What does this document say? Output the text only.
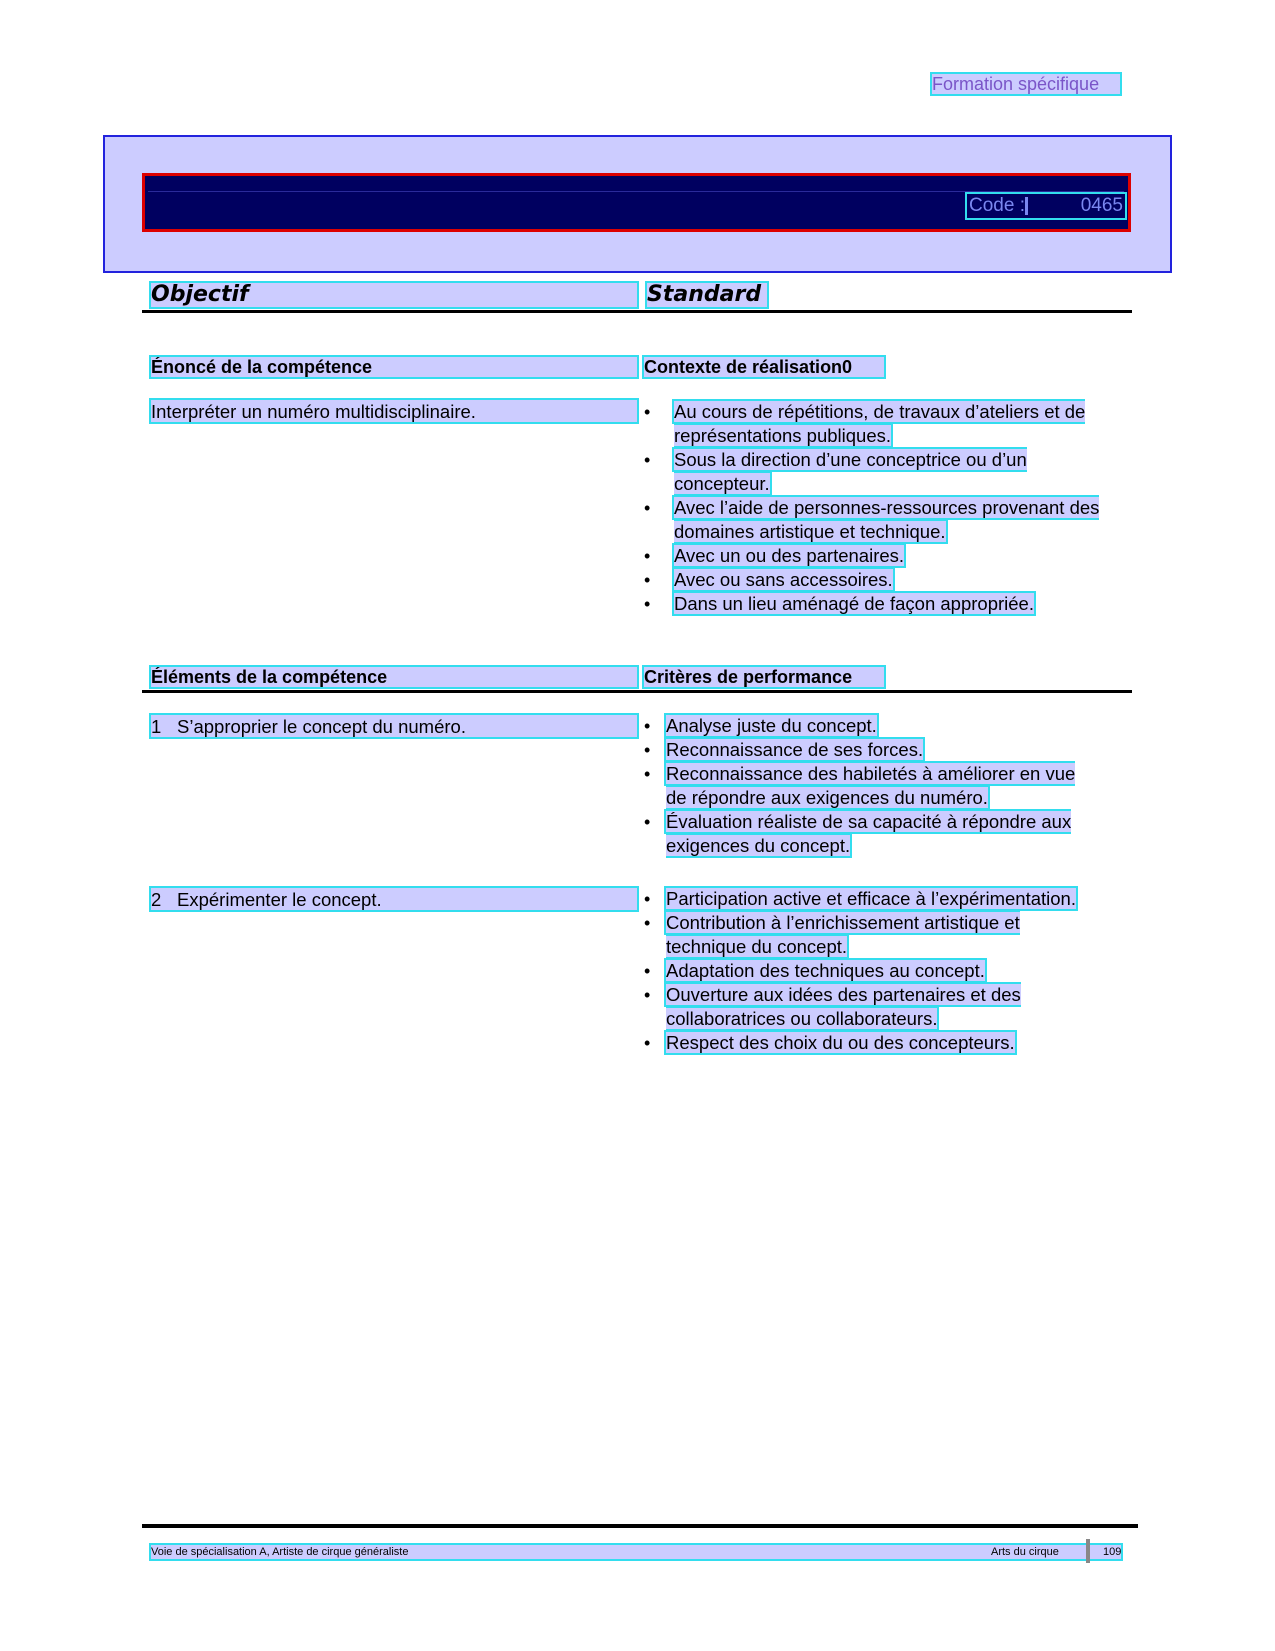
Formation spécifique
Code :	0465
Objectif	Standard
Énoncé de la compétence	Contexte de réalisation0
Interpréter un numéro multidisciplinaire.	• Au cours de répétitions, de travaux d’ateliers et de représentations publiques.
• Sous la direction d’une conceptrice ou d’un concepteur.
• Avec l’aide de personnes-ressources provenant des domaines artistique et technique.
• Avec un ou des partenaires.
• Avec ou sans accessoires.
• Dans un lieu aménagé de façon appropriée.
Éléments de la compétence	Critères de performance
1 S’approprier le concept du numéro.	• Analyse juste du concept.
• Reconnaissance de ses forces.
• Reconnaissance des habiletés à améliorer en vue de répondre aux exigences du numéro.
• Évaluation réaliste de sa capacité à répondre aux exigences du concept.
2 Expérimenter le concept.	• Participation active et efficace à l’expérimentation.
• Contribution à l’enrichissement artistique et technique du concept.
• Adaptation des techniques au concept.
• Ouverture aux idées des partenaires et des collaboratrices ou collaborateurs.
• Respect des choix du ou des concepteurs.
Voie de spécialisation A, Artiste de cirque généraliste	Arts du cirque	109
